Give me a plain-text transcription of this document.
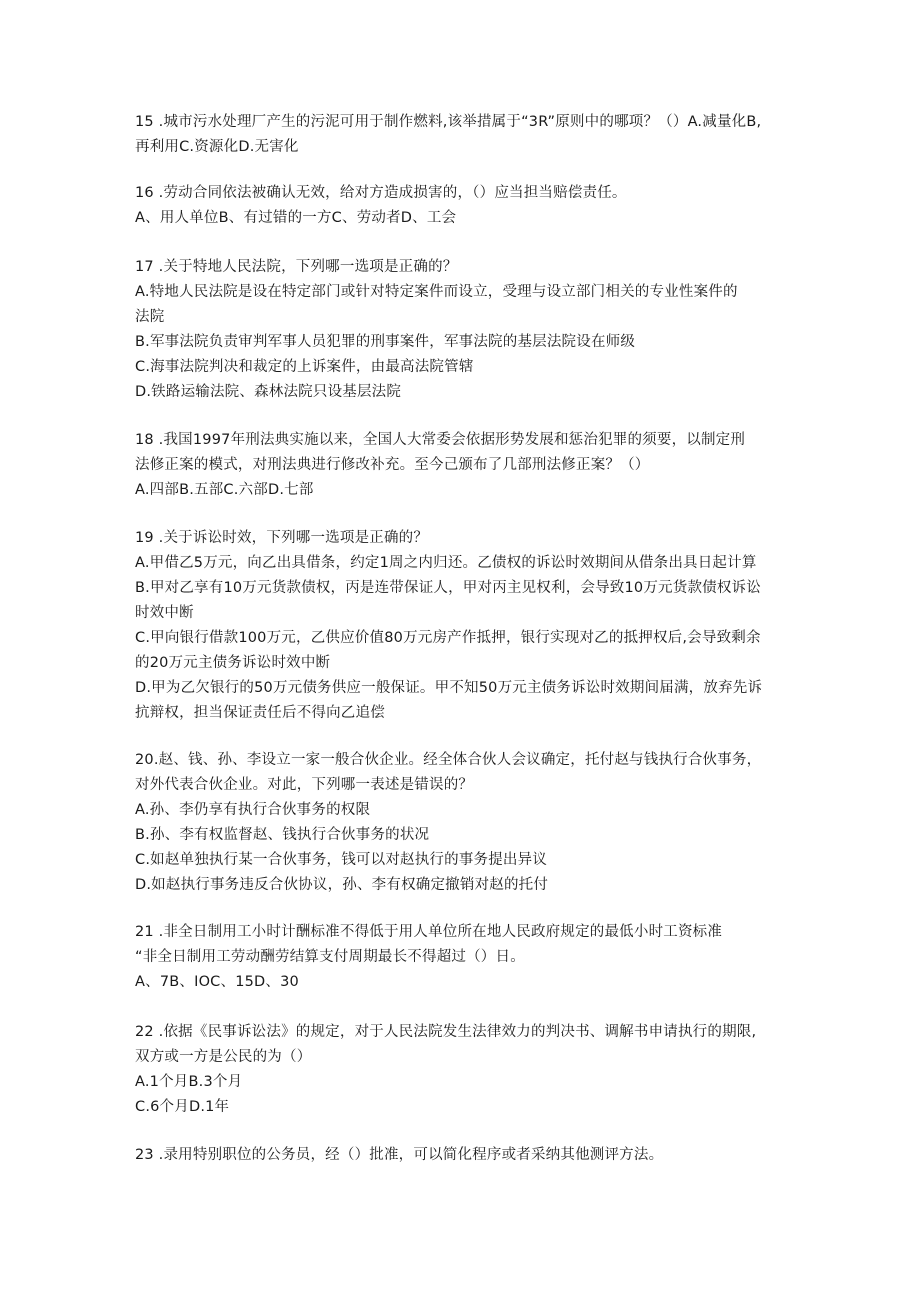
15 .城市污水处理厂产生的污泥可用于制作燃料,该举措属于“3R”原则中的哪项？（）A.减量化B,
再利用C.资源化D.无害化
16 .劳动合同依法被确认无效，给对方造成损害的，（）应当担当赔偿责任。
A、用人单位B、有过错的一方C、劳动者D、工会
17 .关于特地人民法院，下列哪一选项是正确的？
A.特地人民法院是设在特定部门或针对特定案件而设立，受理与设立部门相关的专业性案件的
法院
B.军事法院负责审判军事人员犯罪的刑事案件，军事法院的基层法院设在师级
C.海事法院判决和裁定的上诉案件，由最高法院管辖
D.铁路运输法院、森林法院只设基层法院
18 .我国1997年刑法典实施以来，全国人大常委会依据形势发展和惩治犯罪的须要，以制定刑
法修正案的模式，对刑法典进行修改补充。至今己颁布了几部刑法修正案？（）
A.四部B.五部C.六部D.七部
19 .关于诉讼时效，下列哪一选项是正确的？
A.甲借乙5万元，向乙出具借条，约定1周之内归还。乙债权的诉讼时效期间从借条出具日起计算
B.甲对乙享有10万元货款债权，丙是连带保证人，甲对丙主见权利，会导致10万元货款债权诉讼
时效中断
C.甲向银行借款100万元，乙供应价值80万元房产作抵押，银行实现对乙的抵押权后,会导致剩余
的20万元主债务诉讼时效中断
D.甲为乙欠银行的50万元债务供应一般保证。甲不知50万元主债务诉讼时效期间届满，放弃先诉
抗辩权，担当保证责任后不得向乙追偿
20.赵、钱、孙、李设立一家一般合伙企业。经全体合伙人会议确定，托付赵与钱执行合伙事务，
对外代表合伙企业。对此，下列哪一表述是错误的？
A.孙、李仍享有执行合伙事务的权限
B.孙、李有权监督赵、钱执行合伙事务的状况
C.如赵单独执行某一合伙事务，钱可以对赵执行的事务提出异议
D.如赵执行事务违反合伙协议，孙、李有权确定撤销对赵的托付
21 .非全日制用工小时计酬标准不得低于用人单位所在地人民政府规定的最低小时工资标准
“非全日制用工劳动酬劳结算支付周期最长不得超过（）日。
A、7B、IOC、15D、30
22 .依据《民事诉讼法》的规定，对于人民法院发生法律效力的判决书、调解书申请执行的期限,
双方或一方是公民的为（）
A.1个月B.3个月
C.6个月D.1年
23 .录用特别职位的公务员，经（）批准，可以简化程序或者采纳其他测评方法。
